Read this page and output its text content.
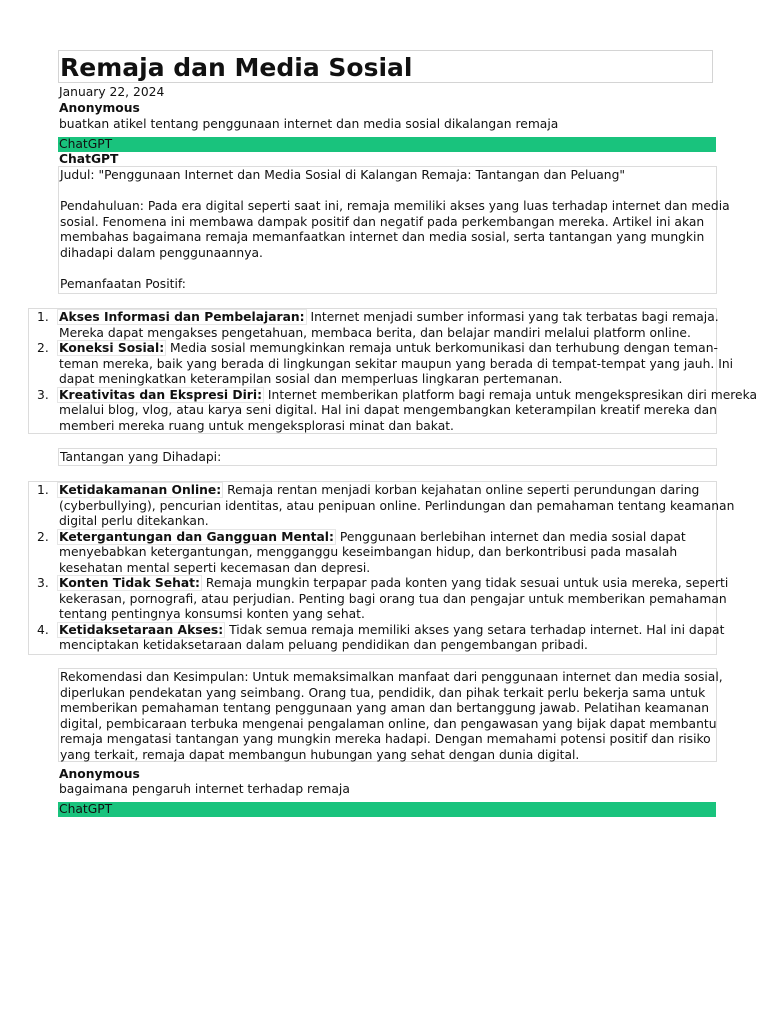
Remaja dan Media Sosial
January 22, 2024
Anonymous
buatkan atikel tentang penggunaan internet dan media sosial dikalangan remaja
ChatGPT
ChatGPT

Judul: "Penggunaan Internet dan Media Sosial di Kalangan Remaja: Tantangan dan Peluang"

Pendahuluan: Pada era digital seperti saat ini, remaja memiliki akses yang luas terhadap internet dan media

sosial. Fenomena ini membawa dampak positif dan negatif pada perkembangan mereka. Artikel ini akan

membahas bagaimana remaja memanfaatkan internet dan media sosial, serta tantangan yang mungkin

dihadapi dalam penggunaannya.

Pemanfaatan Positif:

1. Akses Informasi dan Pembelajaran: Internet menjadi sumber informasi yang tak terbatas bagi remaja.
Mereka dapat mengakses pengetahuan, membaca berita, dan belajar mandiri melalui platform online.
2. Koneksi Sosial: Media sosial memungkinkan remaja untuk berkomunikasi dan terhubung dengan teman-
teman mereka, baik yang berada di lingkungan sekitar maupun yang berada di tempat-tempat yang jauh. Ini
dapat meningkatkan keterampilan sosial dan memperluas lingkaran pertemanan.
3. Kreativitas dan Ekspresi Diri: Internet memberikan platform bagi remaja untuk mengekspresikan diri mereka
melalui blog, vlog, atau karya seni digital. Hal ini dapat mengembangkan keterampilan kreatif mereka dan
memberi mereka ruang untuk mengeksplorasi minat dan bakat.

Tantangan yang Dihadapi:

1. Ketidakamanan Online: Remaja rentan menjadi korban kejahatan online seperti perundungan daring
(cyberbullying), pencurian identitas, atau penipuan online. Perlindungan dan pemahaman tentang keamanan
digital perlu ditekankan.
2. Ketergantungan dan Gangguan Mental: Penggunaan berlebihan internet dan media sosial dapat
menyebabkan ketergantungan, mengganggu keseimbangan hidup, dan berkontribusi pada masalah
kesehatan mental seperti kecemasan dan depresi.
3. Konten Tidak Sehat: Remaja mungkin terpapar pada konten yang tidak sesuai untuk usia mereka, seperti
kekerasan, pornografi, atau perjudian. Penting bagi orang tua dan pengajar untuk memberikan pemahaman
tentang pentingnya konsumsi konten yang sehat.
4. Ketidaksetaraan Akses: Tidak semua remaja memiliki akses yang setara terhadap internet. Hal ini dapat
menciptakan ketidaksetaraan dalam peluang pendidikan dan pengembangan pribadi.

Rekomendasi dan Kesimpulan: Untuk memaksimalkan manfaat dari penggunaan internet dan media sosial,

diperlukan pendekatan yang seimbang. Orang tua, pendidik, dan pihak terkait perlu bekerja sama untuk

memberikan pemahaman tentang penggunaan yang aman dan bertanggung jawab. Pelatihan keamanan

digital, pembicaraan terbuka mengenai pengalaman online, dan pengawasan yang bijak dapat membantu

remaja mengatasi tantangan yang mungkin mereka hadapi. Dengan memahami potensi positif dan risiko

yang terkait, remaja dapat membangun hubungan yang sehat dengan dunia digital.

Anonymous
bagaimana pengaruh internet terhadap remaja
ChatGPT
